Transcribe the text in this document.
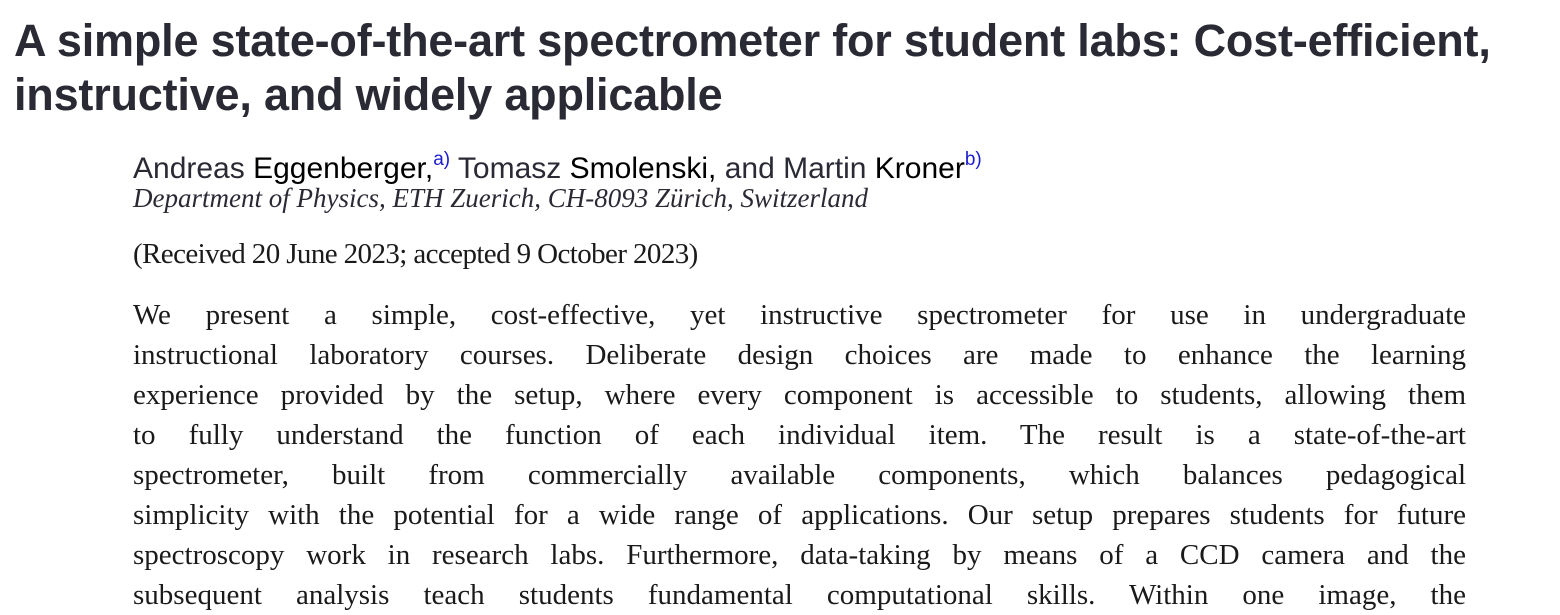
A simple state-of-the-art spectrometer for student labs: Cost-efficient, instructive, and widely applicable
Andreas Eggenberger,$^{a)}$ Tomasz Smolenski, and Martin Kroner$^{b)}$
Department of Physics, ETH Zuerich, CH-8093 Zürich, Switzerland
(Received 20 June 2023; accepted 9 October 2023)
We present a simple, cost-effective, yet instructive spectrometer for use in undergraduate
instructional laboratory courses. Deliberate design choices are made to enhance the learning
experience provided by the setup, where every component is accessible to students, allowing them
to fully understand the function of each individual item. The result is a state-of-the-art
spectrometer, built from commercially available components, which balances pedagogical
simplicity with the potential for a wide range of applications. Our setup prepares students for future
spectroscopy work in research labs. Furthermore, data-taking by means of a CCD camera and the
subsequent analysis teach students fundamental computational skills. Within one image, the
